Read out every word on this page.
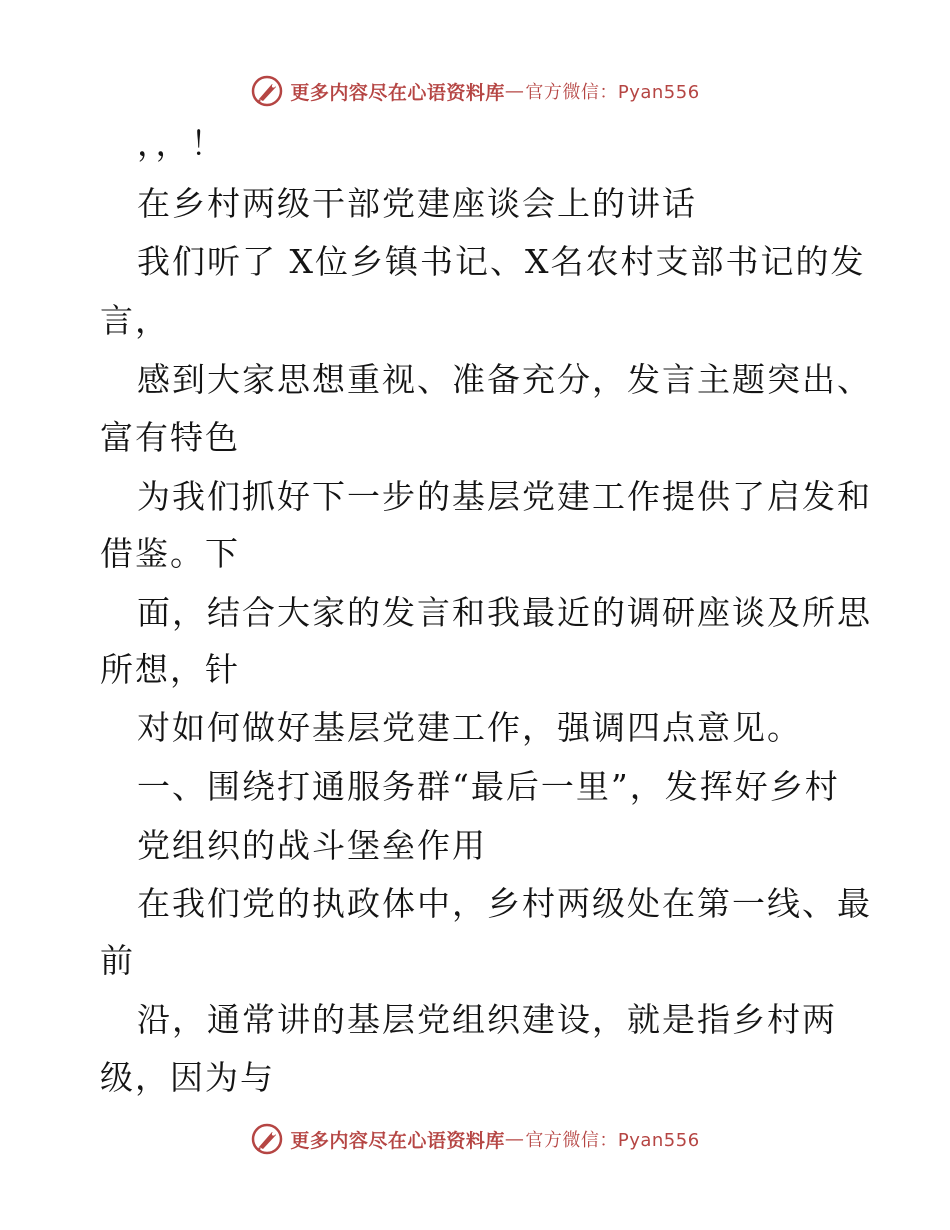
更多内容尽在心语资料库 — 官方微信：Pyan556
，，！
在乡村两级干部党建座谈会上的讲话
我们听了 X位乡镇书记、X名农村支部书记的发
言，
感到大家思想重视、准备充分，发言主题突出、
富有特色
为我们抓好下一步的基层党建工作提供了启发和
借鉴。下
面，结合大家的发言和我最近的调研座谈及所思
所想，针
对如何做好基层党建工作，强调四点意见。
一、围绕打通服务群“最后一里”，发挥好乡村
党组织的战斗堡垒作用
在我们党的执政体中，乡村两级处在第一线、最
前
沿，通常讲的基层党组织建设，就是指乡村两
级，因为与
更多内容尽在心语资料库 — 官方微信：Pyan556
